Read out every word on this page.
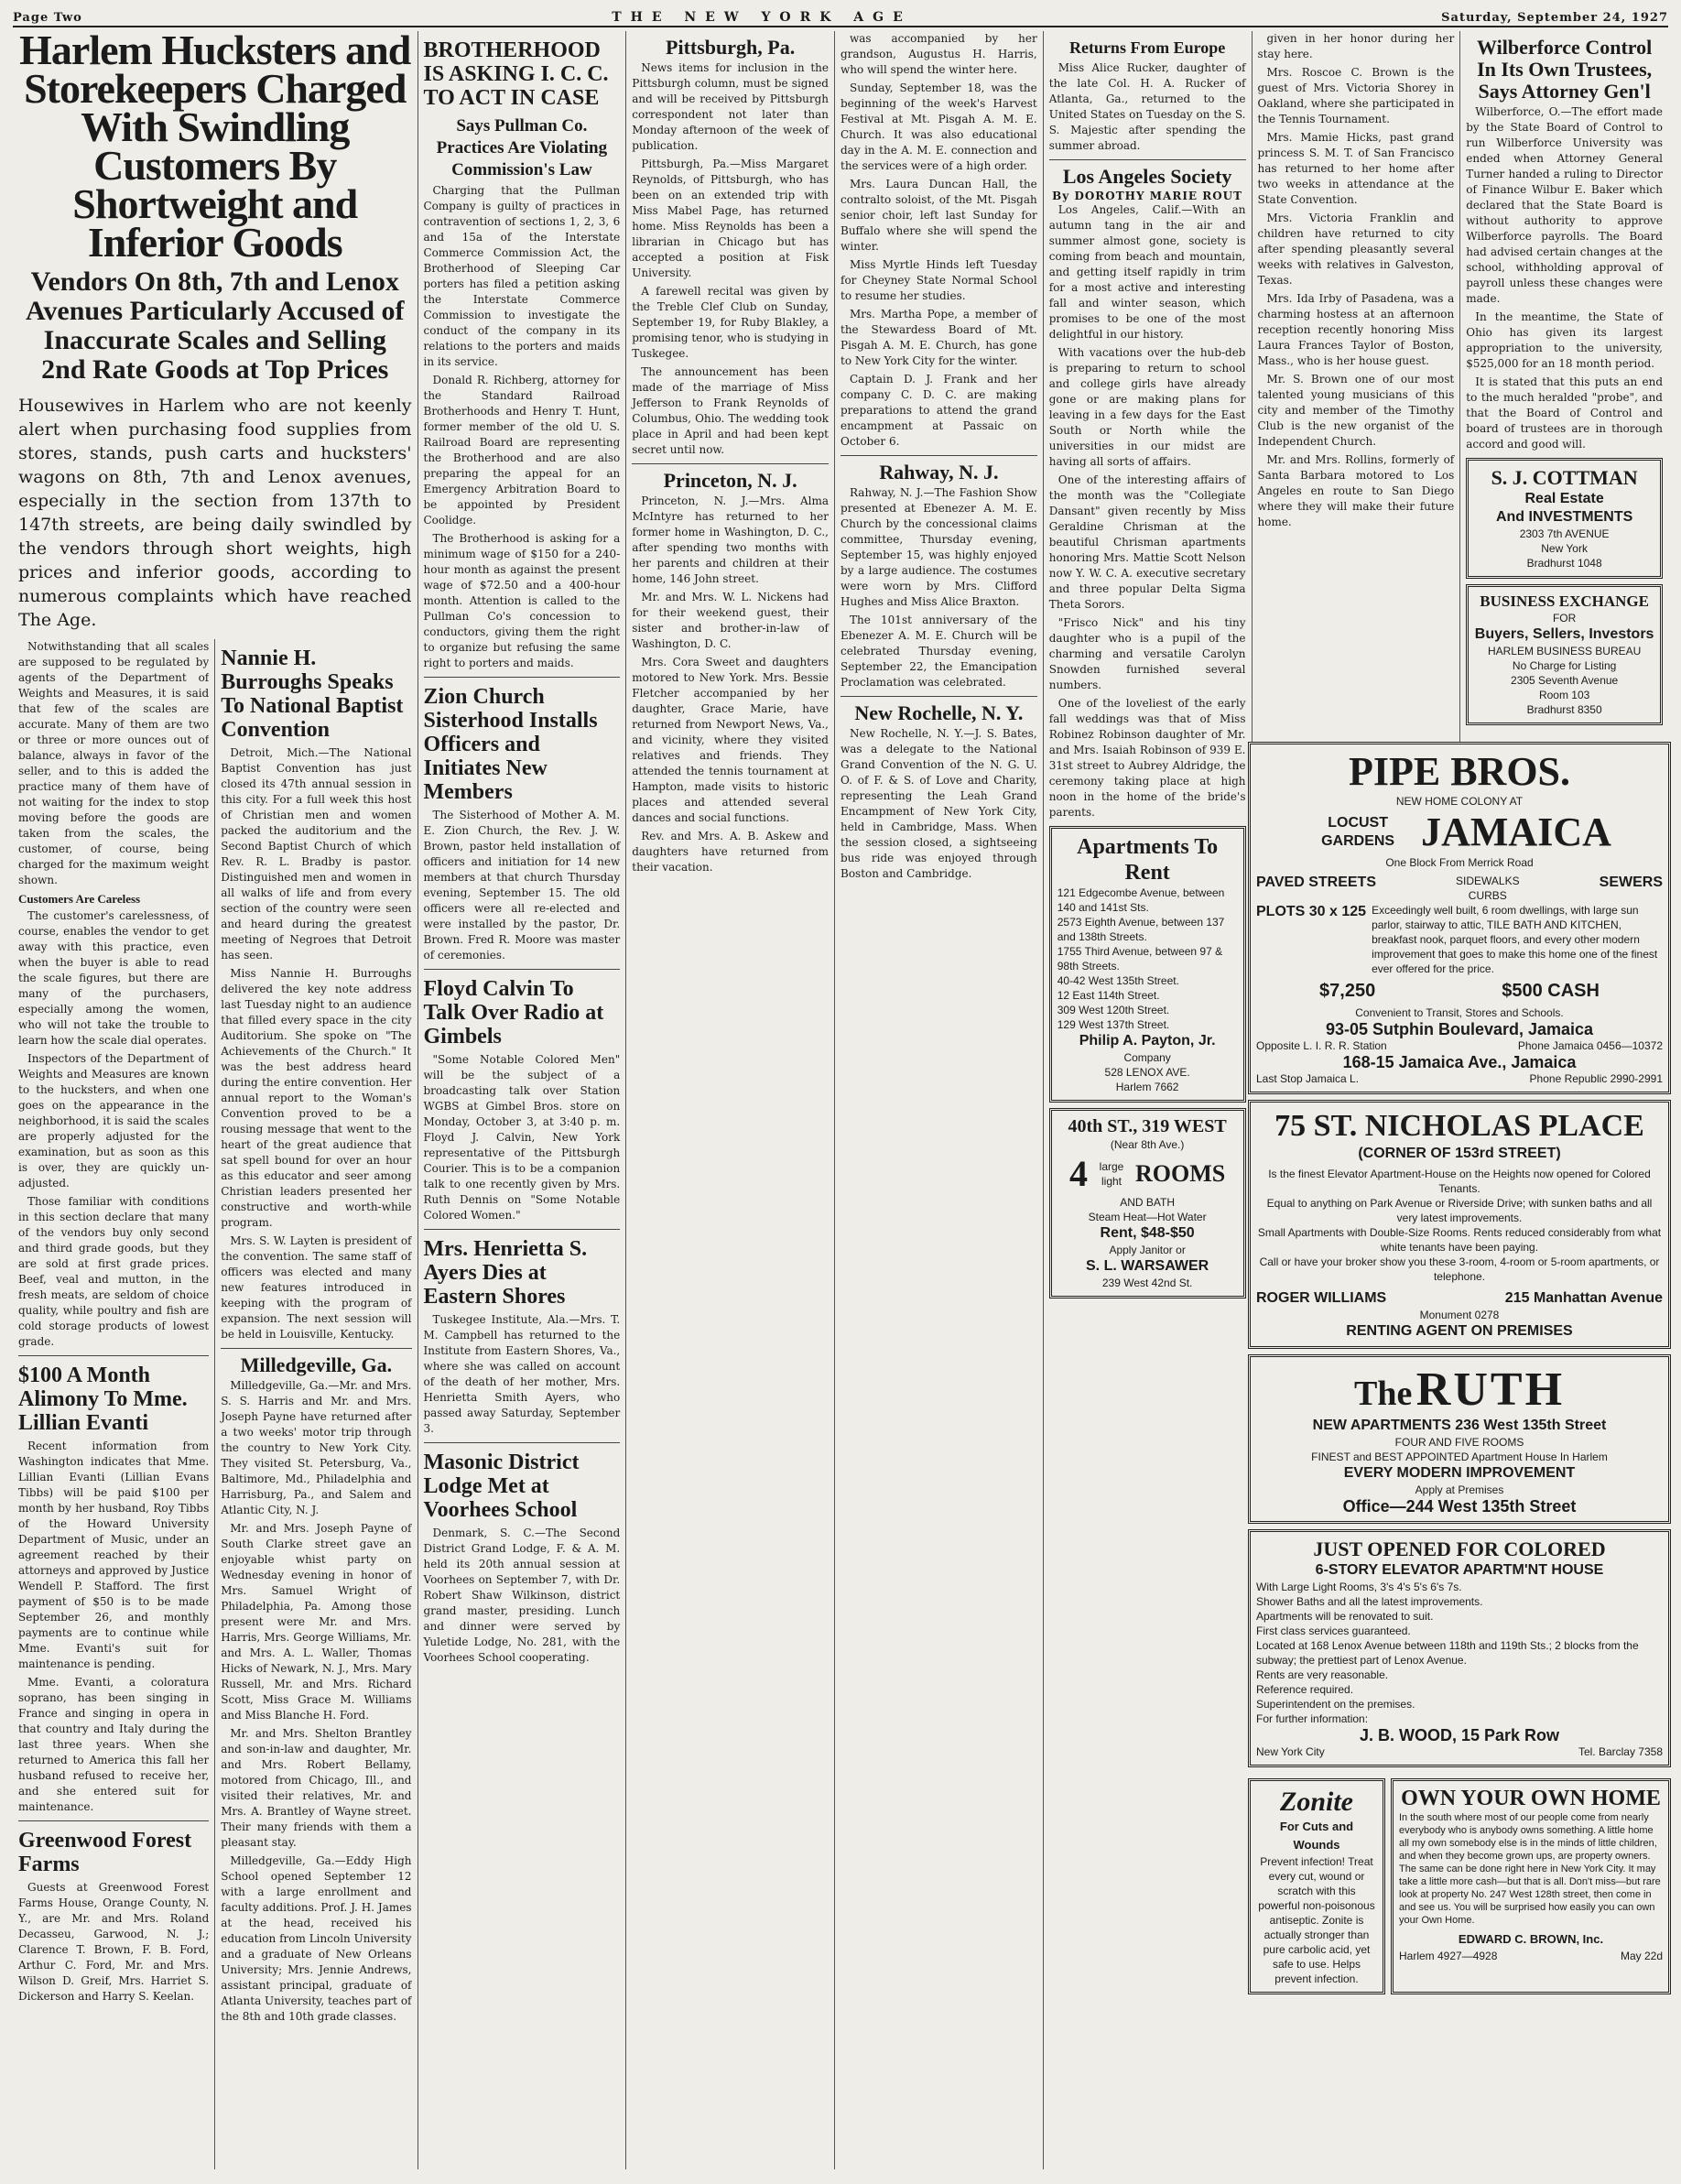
Page Two	THE NEW YORK AGE	Saturday, September 24, 1927
Harlem Hucksters and Storekeepers Charged With Swindling Customers By Shortweight and Inferior Goods
Vendors On 8th, 7th and Lenox Avenues Particularly Accused of Inaccurate Scales and Selling 2nd Rate Goods at Top Prices
Housewives in Harlem who are not keenly alert when purchasing food supplies from stores, stands, push carts and hucksters' wagons on 8th, 7th and Lenox avenues, especially in the section from 137th to 147th streets, are being daily swindled by the vendors through short weights, high prices and inferior goods, according to numerous complaints which have reached The Age.

Notwithstanding that all scales are supposed to be regulated by agents of the Department of Weights and Measures, it is said that few of the scales are accurate. Many of them are two or three or more ounces out of balance, always in favor of the seller, and to this is added the practice many of them have of not waiting for the index to stop moving before the goods are taken from the scales, the customer, of course, being charged for the maximum weight shown.

Customers Are Careless

The customer's carelessness, of course, enables the vendor to get away with this practice, even when the buyer is able to read the scale figures, but there are many of the purchasers, especially among the women, who will not take the trouble to learn how the scale dial operates.

Inspectors of the Department of Weights and Measures are known to the hucksters, and when one goes on the appearance in the neighborhood, it is said the scales are properly adjusted for the examination, but as soon as this is over, they are quickly un-adjusted.

Those familiar with conditions in this section declare that many of the vendors buy only second and third grade goods, but they are sold at first grade prices. Beef, veal and mutton, in the fresh meats, are seldom of choice quality, while poultry and fish are cold storage products of lowest grade.

$100 A Month Alimony To Mme. Lillian Evanti

Recent information from Washington indicates that Mme. Lillian Evanti (Lillian Evans Tibbs) will be paid $100 per month by her husband, Roy Tibbs of the Howard University Department of Music, under an agreement reached by their attorneys and approved by Justice Wendell P. Stafford. The first payment of $50 is to be made September 26, and monthly payments are to continue while Mme. Evanti's suit for maintenance is pending.

Mme. Evanti, a coloratura soprano, has been singing in France and singing in opera in that country and Italy during the last three years. When she returned to America this fall her husband refused to receive her, and she entered suit for maintenance.

Greenwood Forest Farms

Guests at Greenwood Forest Farms House, Orange County, N. Y., are Mr. and Mrs. Roland Decasseu, Garwood, N. J.; Clarence T. Brown, F. B. Ford, Arthur C. Ford, Mr. and Mrs. Wilson D. Greif, Mrs. Harriet S. Dickerson and Harry S. Keelan.

Nannie H. Burroughs Speaks To National Baptist Convention

Detroit, Mich.—The National Baptist Convention has just closed its 47th annual session in this city. For a full week this host of Christian men and women packed the auditorium and the Second Baptist Church of which Rev. R. L. Bradby is pastor. Distinguished men and women in all walks of life and from every section of the country were seen and heard during the greatest meeting of Negroes that Detroit has seen.

Miss Nannie H. Burroughs delivered the key note address last Tuesday night to an audience that filled every space in the city Auditorium. She spoke on "The Achievements of the Church." It was the best address heard during the entire convention. Her annual report to the Woman's Convention proved to be a rousing message that went to the heart of the great audience that sat spell bound for over an hour as this educator and seer among Christian leaders presented her constructive and worth-while program.

Mrs. S. W. Layten is president of the convention. The same staff of officers was elected and many new features introduced in keeping with the program of expansion. The next session will be held in Louisville, Kentucky.

Milledgeville, Ga.

Milledgeville, Ga.—Mr. and Mrs. S. S. Harris and Mr. and Mrs. Joseph Payne have returned after a two weeks' motor trip through the country to New York City. They visited St. Petersburg, Va., Baltimore, Md., Philadelphia and Harrisburg, Pa., and Salem and Atlantic City, N. J.

Mr. and Mrs. Joseph Payne of South Clarke street gave an enjoyable whist party on Wednesday evening in honor of Mrs. Samuel Wright of Philadelphia, Pa. Among those present were Mr. and Mrs. Harris, Mrs. George Williams, Mr. and Mrs. A. L. Waller, Thomas Hicks of Newark, N. J., Mrs. Mary Russell, Mr. and Mrs. Richard Scott, Miss Grace M. Williams and Miss Blanche H. Ford.

Mr. and Mrs. Shelton Brantley and son-in-law and daughter, Mr. and Mrs. Robert Bellamy, motored from Chicago, Ill., and visited their relatives, Mr. and Mrs. A. Brantley of Wayne street. Their many friends with them a pleasant stay.

Milledgeville, Ga.—Eddy High School opened September 12 with a large enrollment and faculty additions. Prof. J. H. James at the head, received his education from Lincoln University and a graduate of New Orleans University; Mrs. Jennie Andrews, assistant principal, graduate of Atlanta University, teaches part of the 8th and 10th grade classes.

BROTHERHOOD IS ASKING I. C. C. TO ACT IN CASE
Says Pullman Co. Practices Are Violating Commission's Law

Charging that the Pullman Company is guilty of practices in contravention of sections 1, 2, 3, 6 and 15a of the Interstate Commerce Commission Act, the Brotherhood of Sleeping Car porters has filed a petition asking the Interstate Commerce Commission to investigate the conduct of the company in its relations to the porters and maids in its service.

Donald R. Richberg, attorney for the Standard Railroad Brotherhoods and Henry T. Hunt, former member of the old U. S. Railroad Board are representing the Brotherhood and are also preparing the appeal for an Emergency Arbitration Board to be appointed by President Coolidge.

The Brotherhood is asking for a minimum wage of $150 for a 240-hour month as against the present wage of $72.50 and a 400-hour month. Attention is called to the Pullman Co's concession to conductors, giving them the right to organize but refusing the same right to porters and maids.

Zion Church Sisterhood Installs Officers and Initiates New Members

The Sisterhood of Mother A. M. E. Zion Church, the Rev. J. W. Brown, pastor held installation of officers and initiation for 14 new members at that church Thursday evening, September 15. The old officers were all re-elected and were installed by the pastor, Dr. Brown. Fred R. Moore was master of ceremonies.

Floyd Calvin To Talk Over Radio at Gimbels

"Some Notable Colored Men" will be the subject of a broadcasting talk over Station WGBS at Gimbel Bros. store on Monday, October 3, at 3:40 p. m. Floyd J. Calvin, New York representative of the Pittsburgh Courier. This is to be a companion talk to one recently given by Mrs. Ruth Dennis on "Some Notable Colored Women."

Mrs. Henrietta S. Ayers Dies at Eastern Shores

Tuskegee Institute, Ala.—Mrs. T. M. Campbell has returned to the Institute from Eastern Shores, Va., where she was called on account of the death of her mother, Mrs. Henrietta Smith Ayers, who passed away Saturday, September 3.

Masonic District Lodge Met at Voorhees School

Denmark, S. C.—The Second District Grand Lodge, F. & A. M. held its 20th annual session at Voorhees on September 7, with Dr. Robert Shaw Wilkinson, district grand master, presiding. Lunch and dinner were served by Yuletide Lodge, No. 281, with the Voorhees School cooperating.

Pittsburgh, Pa.

News items for inclusion in the Pittsburgh column, must be signed and will be received by Pittsburgh correspondent not later than Monday afternoon of the week of publication.

Pittsburgh, Pa.—Miss Margaret Reynolds, of Pittsburgh, who has been on an extended trip with Miss Mabel Page, has returned home. Miss Reynolds has been a librarian in Chicago but has accepted a position at Fisk University.

A farewell recital was given by the Treble Clef Club on Sunday, September 19, for Ruby Blakley, a promising tenor, who is studying in Tuskegee.

The announcement has been made of the marriage of Miss Jefferson to Frank Reynolds of Columbus, Ohio. The wedding took place in April and had been kept secret until now.

Princeton, N. J.

Princeton, N. J.—Mrs. Alma McIntyre has returned to her former home in Washington, D. C., after spending two months with her parents and children at their home, 146 John street.

Mr. and Mrs. W. L. Nickens had for their weekend guest, their sister and brother-in-law of Washington, D. C.

Mrs. Cora Sweet and daughters motored to New York. Mrs. Bessie Fletcher accompanied by her daughter, Grace Marie, have returned from Newport News, Va., and vicinity, where they visited relatives and friends. They attended the tennis tournament at Hampton, made visits to historic places and attended several dances and social functions.

Rev. and Mrs. A. B. Askew and daughters have returned from their vacation.

was accompanied by her grandson, Augustus H. Harris, who will spend the winter here.

Sunday, September 18, was the beginning of the week's Harvest Festival at Mt. Pisgah A. M. E. Church. It was also educational day in the A. M. E. connection and the services were of a high order.

Mrs. Laura Duncan Hall, the contralto soloist, of the Mt. Pisgah senior choir, left last Sunday for Buffalo where she will spend the winter.

Miss Myrtle Hinds left Tuesday for Cheyney State Normal School to resume her studies.

Mrs. Martha Pope, a member of the Stewardess Board of Mt. Pisgah A. M. E. Church, has gone to New York City for the winter.

Captain D. J. Frank and her company C. D. C. are making preparations to attend the grand encampment at Passaic on October 6.

Rahway, N. J.

Rahway, N. J.—The Fashion Show presented at Ebenezer A. M. E. Church by the concessional claims committee, Thursday evening, September 15, was highly enjoyed by a large audience. The costumes were worn by Mrs. Clifford Hughes and Miss Alice Braxton.

The 101st anniversary of the Ebenezer A. M. E. Church will be celebrated Thursday evening, September 22, the Emancipation Proclamation was celebrated.

New Rochelle, N. Y.

New Rochelle, N. Y.—J. S. Bates, was a delegate to the National Grand Convention of the N. G. U. O. of F. & S. of Love and Charity, representing the Leah Grand Encampment of New York City, held in Cambridge, Mass. When the session closed, a sightseeing bus ride was enjoyed through Boston and Cambridge.

Returns From Europe

Miss Alice Rucker, daughter of the late Col. H. A. Rucker of Atlanta, Ga., returned to the United States on Tuesday on the S. S. Majestic after spending the summer abroad.

Los Angeles Society
By DOROTHY MARIE ROUT

Los Angeles, Calif.—With an autumn tang in the air and summer almost gone, society is coming from beach and mountain, and getting itself rapidly in trim for a most active and interesting fall and winter season, which promises to be one of the most delightful in our history.

With vacations over the hub-deb is preparing to return to school and college girls have already gone or are making plans for leaving in a few days for the East South or North while the universities in our midst are having all sorts of affairs.

One of the interesting affairs of the month was the "Collegiate Dansant" given recently by Miss Geraldine Chrisman at the beautiful Chrisman apartments honoring Mrs. Mattie Scott Nelson now Y. W. C. A. executive secretary and three popular Delta Sigma Theta Sorors.

"Frisco Nick" and his tiny daughter who is a pupil of the charming and versatile Carolyn Snowden furnished several numbers.

One of the loveliest of the early fall weddings was that of Miss Robinez Robinson daughter of Mr. and Mrs. Isaiah Robinson of 939 E. 31st street to Aubrey Aldridge, the ceremony taking place at high noon in the home of the bride's parents.

Apartments To Rent
121 Edgecombe Avenue, between 140 and 141st Sts.
2573 Eighth Avenue, between 137 and 138th Streets.
1755 Third Avenue, between 97 & 98th Streets.
40-42 West 135th Street.
12 East 114th Street.
309 West 120th Street.
129 West 137th Street.
Philip A. Payton, Jr.
Company
528 LENOX AVE.
Harlem 7662
40th ST., 319 WEST
(Near 8th Ave.)
4	large light ROOMS
AND BATH
Steam Heat—Hot Water
Rent, $48-$50
Apply Janitor or
S. L. WARSAWER
239 West 42nd St.

given in her honor during her stay here.

Mrs. Roscoe C. Brown is the guest of Mrs. Victoria Shorey in Oakland, where she participated in the Tennis Tournament.

Mrs. Mamie Hicks, past grand princess S. M. T. of San Francisco has returned to her home after two weeks in attendance at the State Convention.

Mrs. Victoria Franklin and children have returned to city after spending pleasantly several weeks with relatives in Galveston, Texas.

Mrs. Ida Irby of Pasadena, was a charming hostess at an afternoon reception recently honoring Miss Laura Frances Taylor of Boston, Mass., who is her house guest.

Mr. S. Brown one of our most talented young musicians of this city and member of the Timothy Club is the new organist of the Independent Church.

Mr. and Mrs. Rollins, formerly of Santa Barbara motored to Los Angeles en route to San Diego where they will make their future home.

Wilberforce Control In Its Own Trustees, Says Attorney Gen'l

Wilberforce, O.—The effort made by the State Board of Control to run Wilberforce University was ended when Attorney General Turner handed a ruling to Director of Finance Wilbur E. Baker which declared that the State Board is without authority to approve Wilberforce payrolls. The Board had advised certain changes at the school, withholding approval of payroll unless these changes were made.

In the meantime, the State of Ohio has given its largest appropriation to the university, $525,000 for an 18 month period.

It is stated that this puts an end to the much heralded "probe", and that the Board of Control and board of trustees are in thorough accord and good will.

S. J. COTTMAN
Real Estate
And INVESTMENTS
2303 7th AVENUE
New York
Bradhurst 1048
BUSINESS EXCHANGE
FOR
Buyers, Sellers, Investors
HARLEM BUSINESS BUREAU
No Charge for Listing
2305 Seventh Avenue
Room 103
Bradhurst 8350
PIPE BROS.
NEW HOME COLONY AT
LOCUST GARDENS JAMAICA
One Block From Merrick Road
PAVED STREETS	SIDEWALKS CURBS
SEWERS
PLOTS 30 x 125 Exceedingly well built, 6 room dwellings, with large sun parlor, stairway to attic, TILE BATH AND KITCHEN, breakfast nook, parquet floors, and every other modern improvement that goes to make this home one of the finest ever offered for the price.
$7,250	$500 CASH
Convenient to Transit, Stores and Schools.
93-05 Sutphin Boulevard, Jamaica
Opposite L. I. R. R. Station	Phone Jamaica 0456—10372
168-15 Jamaica Ave., Jamaica
Last Stop Jamaica L.	Phone Republic 2990-2991
75 ST. NICHOLAS PLACE
(CORNER OF 153rd STREET)
Is the finest Elevator Apartment-House on the Heights now opened for Colored Tenants.
Equal to anything on Park Avenue or Riverside Drive; with sunken baths and all very latest improvements.
Small Apartments with Double-Size Rooms. Rents reduced considerably from what white tenants have been paying.
Call or have your broker show you these 3-room, 4-room or 5-room apartments, or telephone.
ROGER WILLIAMS	215 Manhattan Avenue
Monument 0278
RENTING AGENT ON PREMISES
The RUTH
NEW APARTMENTS 236 West 135th Street
FOUR AND FIVE ROOMS
FINEST and BEST APPOINTED Apartment House In Harlem
EVERY MODERN IMPROVEMENT
Apply at Premises
Office—244 West 135th Street
JUST OPENED FOR COLORED
6-STORY ELEVATOR APARTM'NT HOUSE
With Large Light Rooms, 3's 4's 5's 6's 7s.
Shower Baths and all the latest improvements.
Apartments will be renovated to suit.
First class services guaranteed.
Located at 168 Lenox Avenue between 118th and 119th Sts.; 2 blocks from the subway; the prettiest part of Lenox Avenue.
Rents are very reasonable.
Reference required.
Superintendent on the premises.
For further information:
J. B. WOOD, 15 Park Row
New York City	Tel. Barclay 7358
Zonite
For Cuts and Wounds
Prevent infection! Treat every cut, wound or scratch with this powerful non-poisonous antiseptic. Zonite is actually stronger than pure carbolic acid, yet safe to use. Helps prevent infection.
OWN YOUR OWN HOME
In the south where most of our people come from nearly everybody who is anybody owns something. A little home all my own somebody else is in the minds of little children, and when they become grown ups, are property owners. The same can be done right here in New York City. It may take a little more cash—but that is all. Don't miss—but rare look at property No. 247 West 128th street, then come in and see us. You will be surprised how easily you can own your Own Home.
EDWARD C. BROWN, Inc.
Harlem 4927—4928	May 22d
